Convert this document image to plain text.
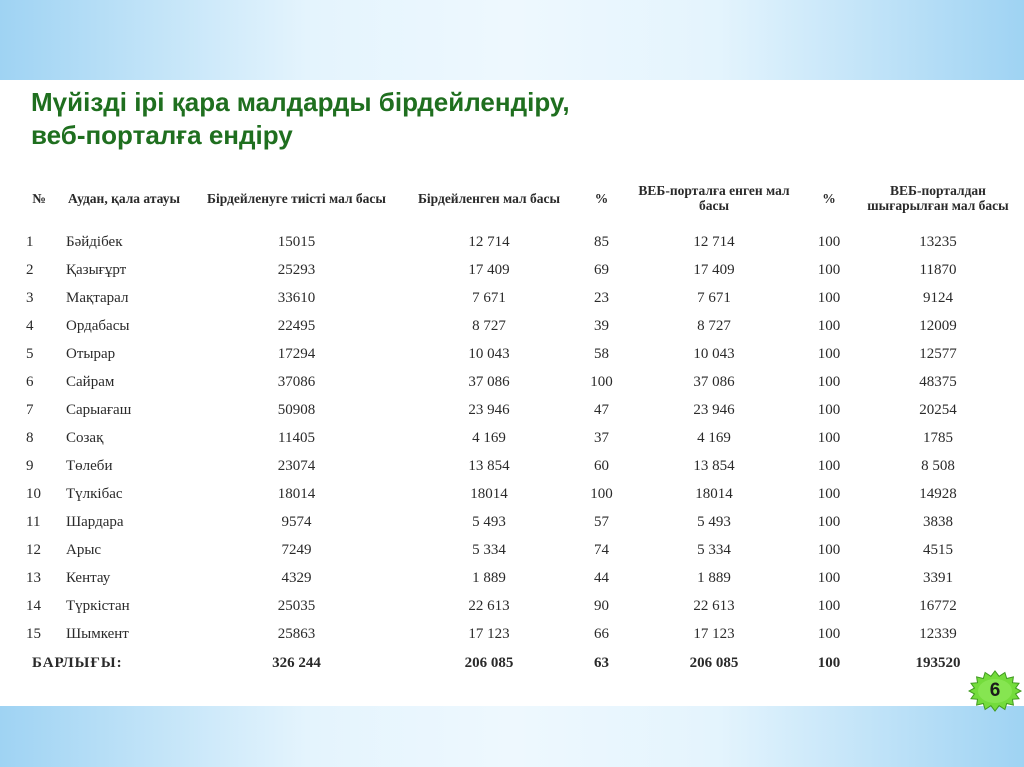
Мүйізді ірі қара малдарды бірдейлендіру,
веб-порталға ендіру
№	Аудан, қала атауы	Бірдейленуге тиісті мал басы	Бірдейленген мал басы	%	ВЕБ-порталға енген мал басы	%	ВЕБ-порталдан шығарылған мал басы
1	Бәйдібек	15015	12 714	85	12 714	100	13235
2	Қазығұрт	25293	17 409	69	17 409	100	11870
3	Мақтарал	33610	7 671	23	7 671	100	9124
4	Ордабасы	22495	8 727	39	8 727	100	12009
5	Отырар	17294	10 043	58	10 043	100	12577
6	Сайрам	37086	37 086	100	37 086	100	48375
7	Сарыағаш	50908	23 946	47	23 946	100	20254
8	Созақ	11405	4 169	37	4 169	100	1785
9	Төлеби	23074	13 854	60	13 854	100	8 508
10	Түлкібас	18014	18014	100	18014	100	14928
11	Шардара	9574	5 493	57	5 493	100	3838
12	Арыс	7249	5 334	74	5 334	100	4515
13	Кентау	4329	1 889	44	1 889	100	3391
14	Түркістан	25035	22 613	90	22 613	100	16772
15	Шымкент	25863	17 123	66	17 123	100	12339
БАРЛЫҒЫ:		326 244	206 085	63	206 085	100	193520
6
